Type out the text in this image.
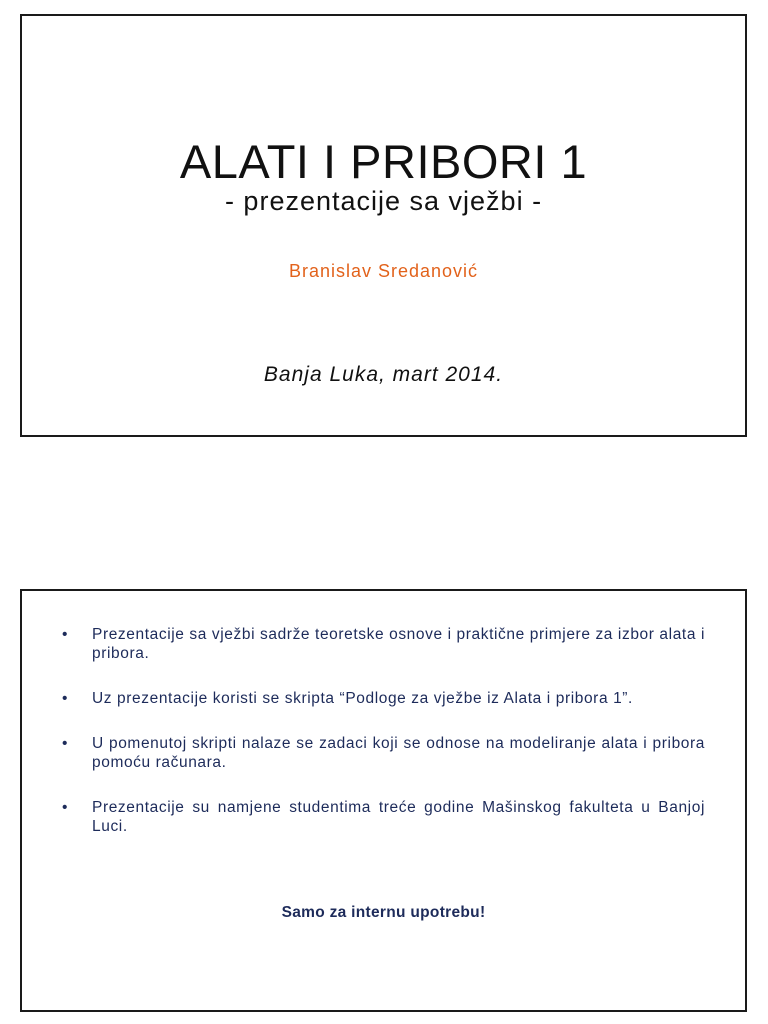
ALATI I PRIBORI 1
- prezentacije sa vježbi -
Branislav Sredanović
Banja Luka, mart 2014.
• Prezentacije sa vježbi sadrže teoretske osnove i praktične primjere za izbor alata i pribora.
• Uz prezentacije koristi se skripta “Podloge za vježbe iz Alata i pribora 1”.
• U pomenutoj skripti nalaze se zadaci koji se odnose na modeliranje alata i pribora pomoću računara.
• Prezentacije su namjene studentima treće godine Mašinskog fakulteta u Banjoj Luci.
Samo za internu upotrebu!
